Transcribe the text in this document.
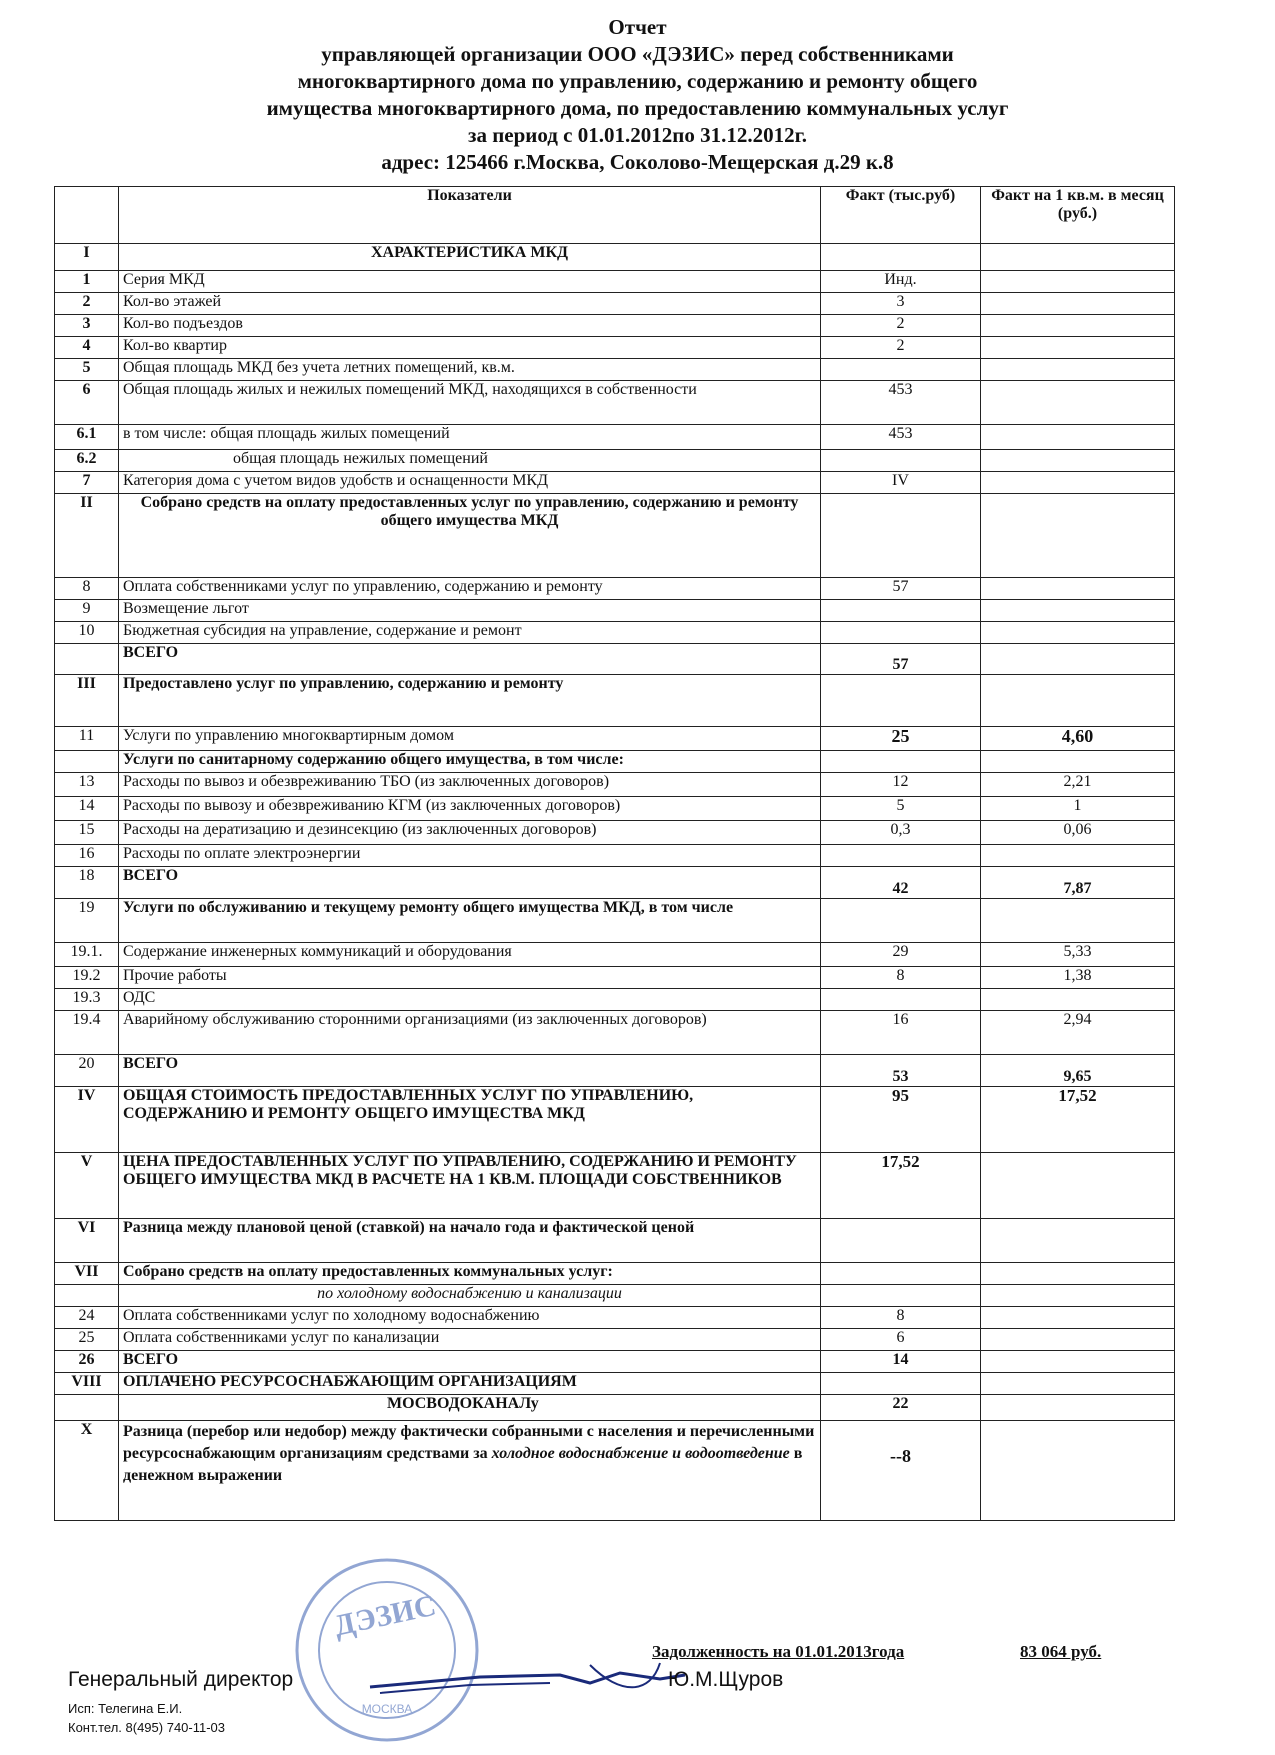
Отчет
управляющей организации ООО «ДЭЗИС» перед собственниками
многоквартирного дома по управлению, содержанию и ремонту общего
имущества многоквартирного дома, по предоставлению коммунальных услуг
за период с 01.01.2012по 31.12.2012г.
адрес: 125466 г.Москва, Соколово-Мещерская д.29 к.8
	Показатели	Факт (тыс.руб)	Факт на 1 кв.м. в месяц (руб.)
I	ХАРАКТЕРИСТИКА МКД		
1	Серия МКД	Инд.	
2	Кол-во этажей	3	
3	Кол-во подъездов	2	
4	Кол-во квартир	2	
5	Общая площадь МКД без учета летних помещений, кв.м.		
6	Общая площадь жилых и нежилых помещений МКД, находящихся в собственности	453	
6.1	в том числе: общая площадь жилых помещений	453	
6.2	общая площадь нежилых помещений		
7	Категория дома с учетом видов удобств и оснащенности МКД	IV	
II	Собрано средств на оплату предоставленных услуг по управлению, содержанию и ремонту общего имущества МКД		
8	Оплата собственниками услуг по управлению, содержанию и ремонту	57	
9	Возмещение льгот		
10	Бюджетная субсидия на управление, содержание и ремонт		
	ВСЕГО	57	
III	Предоставлено услуг по управлению, содержанию и ремонту		
11	Услуги по управлению многоквартирным домом	25	4,60
	Услуги по санитарному содержанию общего имущества, в том числе:		
13	Расходы по вывоз и обезвреживанию ТБО (из заключенных договоров)	12	2,21
14	Расходы по вывозу и обезвреживанию КГМ (из заключенных договоров)	5	1
15	Расходы на дератизацию и дезинсекцию (из заключенных договоров)	0,3	0,06
16	Расходы по оплате электроэнергии		
18	ВСЕГО	42	7,87
19	Услуги по обслуживанию и текущему ремонту общего имущества МКД, в том числе		
19.1.	Содержание инженерных коммуникаций и оборудования	29	5,33
19.2	Прочие работы	8	1,38
19.3	ОДС		
19.4	Аварийному обслуживанию сторонними организациями (из заключенных договоров)	16	2,94
20	ВСЕГО	53	9,65
IV	ОБЩАЯ СТОИМОСТЬ ПРЕДОСТАВЛЕННЫХ УСЛУГ ПО УПРАВЛЕНИЮ, СОДЕРЖАНИЮ И РЕМОНТУ ОБЩЕГО ИМУЩЕСТВА МКД	95	17,52
V	ЦЕНА ПРЕДОСТАВЛЕННЫХ УСЛУГ ПО УПРАВЛЕНИЮ, СОДЕРЖАНИЮ И РЕМОНТУ ОБЩЕГО ИМУЩЕСТВА МКД В РАСЧЕТЕ НА 1 КВ.М. ПЛОЩАДИ СОБСТВЕННИКОВ	17,52	
VI	Разница между плановой ценой (ставкой) на начало года и фактической ценой		
VII	Собрано средств на оплату предоставленных коммунальных услуг:		
	по холодному водоснабжению и канализации		
24	Оплата собственниками услуг по холодному водоснабжению	8	
25	Оплата собственниками услуг по канализации	6	
26	ВСЕГО	14	
VIII	ОПЛАЧЕНО РЕСУРСОСНАБЖАЮЩИМ ОРГАНИЗАЦИЯМ		
	МОСВОДОКАНАЛу	22	
X	Разница (перебор или недобор) между фактически собранными с населения и перечисленными ресурсоснабжающим организациям средствами за холодное водоснабжение и водоотведение в денежном выражении	--8	
ДЭЗИС
МОСКВА
Задолженность на 01.01.2013года	83 064 руб.
Генеральный директор	Ю.М.Щуров
Исп: Телегина Е.И.
Конт.тел. 8(495) 740-11-03
